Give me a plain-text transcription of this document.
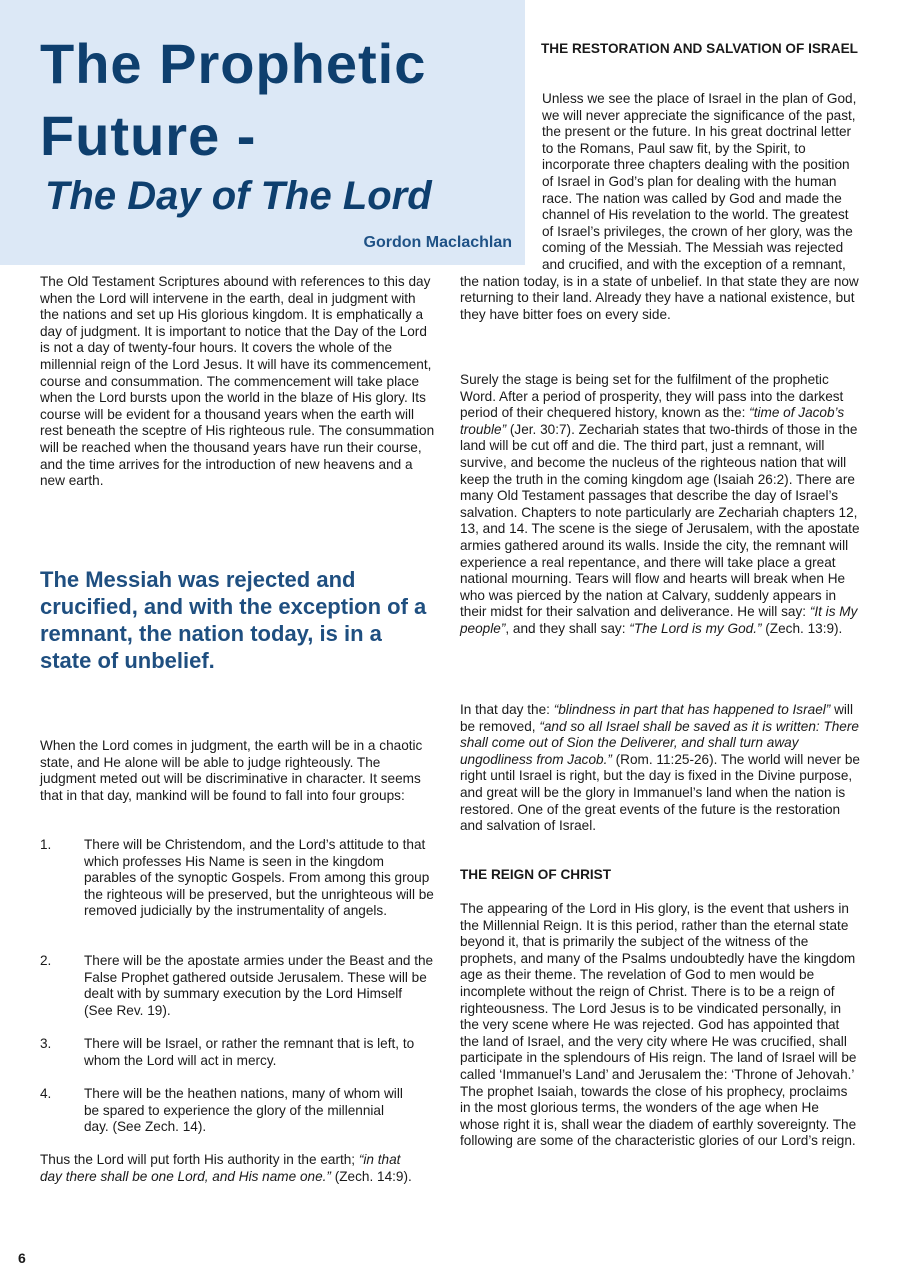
The Prophetic
Future -
The Day of The Lord
Gordon Maclachlan

The Old Testament Scriptures abound with references to this day when the Lord will intervene in the earth, deal in judgment with the nations and set up His glorious kingdom. It is emphatically a day of judgment. It is important to notice that the Day of the Lord is not a day of twenty-four hours. It covers the whole of the millennial reign of the Lord Jesus. It will have its commencement, course and consummation. The commencement will take place when the Lord bursts upon the world in the blaze of His glory. Its course will be evident for a thousand years when the earth will rest beneath the sceptre of His righteous rule. The consummation will be reached when the thousand years have run their course, and the time arrives for the introduction of new heavens and a new earth.

The Messiah was rejected and crucified, and with the exception of a remnant, the nation today, is in a state of unbelief.

When the Lord comes in judgment, the earth will be in a chaotic state, and He alone will be able to judge righteously. The judgment meted out will be discriminative in character. It seems that in that day, mankind will be found to fall into four groups:

1. There will be Christendom, and the Lord’s attitude to that which professes His Name is seen in the kingdom parables of the synoptic Gospels. From among this group the righteous will be preserved, but the unrighteous will be removed judicially by the instrumentality of angels.

2. There will be the apostate armies under the Beast and the False Prophet gathered outside Jerusalem. These will be dealt with by summary execution by the Lord Himself (See Rev. 19).

3. There will be Israel, or rather the remnant that is left, to whom the Lord will act in mercy.

4. There will be the heathen nations, many of whom will be spared to experience the glory of the millennial day. (See Zech. 14).

Thus the Lord will put forth His authority in the earth; “in that day there shall be one Lord, and His name one.” (Zech. 14:9).

THE RESTORATION AND SALVATION OF ISRAEL

Unless we see the place of Israel in the plan of God, we will never appreciate the significance of the past, the present or the future. In his great doctrinal letter to the Romans, Paul saw fit, by the Spirit, to incorporate three chapters dealing with the position of Israel in God’s plan for dealing with the human race. The nation was called by God and made the channel of His revelation to the world. The greatest of Israel’s privileges, the crown of her glory, was the coming of the Messiah. The Messiah was rejected and crucified, and with the exception of a remnant, the nation today, is in a state of unbelief. In that state they are now returning to their land. Already they have a national existence, but they have bitter foes on every side.

Surely the stage is being set for the fulfilment of the prophetic Word. After a period of prosperity, they will pass into the darkest period of their chequered history, known as the: “time of Jacob’s trouble” (Jer. 30:7). Zechariah states that two-thirds of those in the land will be cut off and die. The third part, just a remnant, will survive, and become the nucleus of the righteous nation that will keep the truth in the coming kingdom age (Isaiah 26:2). There are many Old Testament passages that describe the day of Israel’s salvation. Chapters to note particularly are Zechariah chapters 12, 13, and 14. The scene is the siege of Jerusalem, with the apostate armies gathered around its walls. Inside the city, the remnant will experience a real repentance, and there will take place a great national mourning. Tears will flow and hearts will break when He who was pierced by the nation at Calvary, suddenly appears in their midst for their salvation and deliverance. He will say: “It is My people”, and they shall say: “The Lord is my God.” (Zech. 13:9).

In that day the: “blindness in part that has happened to Israel” will be removed, “and so all Israel shall be saved as it is written: There shall come out of Sion the Deliverer, and shall turn away ungodliness from Jacob.” (Rom. 11:25-26). The world will never be right until Israel is right, but the day is fixed in the Divine purpose, and great will be the glory in Immanuel’s land when the nation is restored. One of the great events of the future is the restoration and salvation of Israel.

THE REIGN OF CHRIST

The appearing of the Lord in His glory, is the event that ushers in the Millennial Reign. It is this period, rather than the eternal state beyond it, that is primarily the subject of the witness of the prophets, and many of the Psalms undoubtedly have the kingdom age as their theme. The revelation of God to men would be incomplete without the reign of Christ. There is to be a reign of righteousness. The Lord Jesus is to be vindicated personally, in the very scene where He was rejected. God has appointed that the land of Israel, and the very city where He was crucified, shall participate in the splendours of His reign. The land of Israel will be called ‘Immanuel’s Land’ and Jerusalem the: ‘Throne of Jehovah.’ The prophet Isaiah, towards the close of his prophecy, proclaims in the most glorious terms, the wonders of the age when He whose right it is, shall wear the diadem of earthly sovereignty. The following are some of the characteristic glories of our Lord’s reign.

6
